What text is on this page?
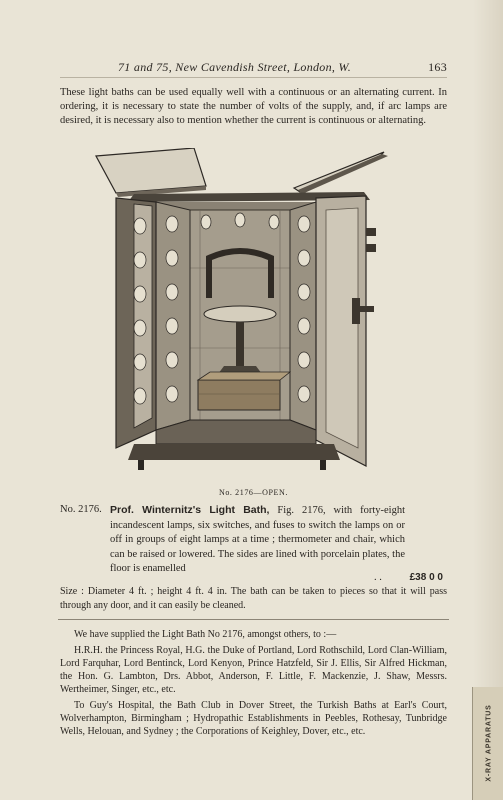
71 and 75, New Cavendish Street, London, W.	163

These light baths can be used equally well with a continuous or an alternating current. In ordering, it is necessary to state the number of volts of the supply, and, if arc lamps are desired, it is necessary also to mention whether the current is continuous or alternating.

No. 2176—OPEN.
No. 2176. Prof. Winternitz's Light Bath, Fig. 2176, with forty-eight incandescent lamps, six switches, and fuses to switch the lamps on or off in groups of eight lamps at a time ; thermometer and chair, which can be raised or lowered. The sides are lined with porcelain plates, the floor is enamelled
. .	£38 0 0

Size : Diameter 4 ft. ; height 4 ft. 4 in. The bath can be taken to pieces so that it will pass through any door, and it can easily be cleaned.

We have supplied the Light Bath No 2176, amongst others, to :—

H.R.H. the Princess Royal, H.G. the Duke of Portland, Lord Rothschild, Lord Clan-William, Lord Farquhar, Lord Bentinck, Lord Kenyon, Prince Hatzfeld, Sir J. Ellis, Sir Alfred Hickman, the Hon. G. Lambton, Drs. Abbot, Anderson, F. Little, F. Mackenzie, J. Shaw, Messrs. Wertheimer, Singer, etc., etc.

To Guy's Hospital, the Bath Club in Dover Street, the Turkish Baths at Earl's Court, Wolverhampton, Birmingham ; Hydropathic Establishments in Peebles, Rothesay, Tunbridge Wells, Helouan, and Sydney ; the Corporations of Keighley, Dover, etc., etc.	X-RAY APPARATUS
